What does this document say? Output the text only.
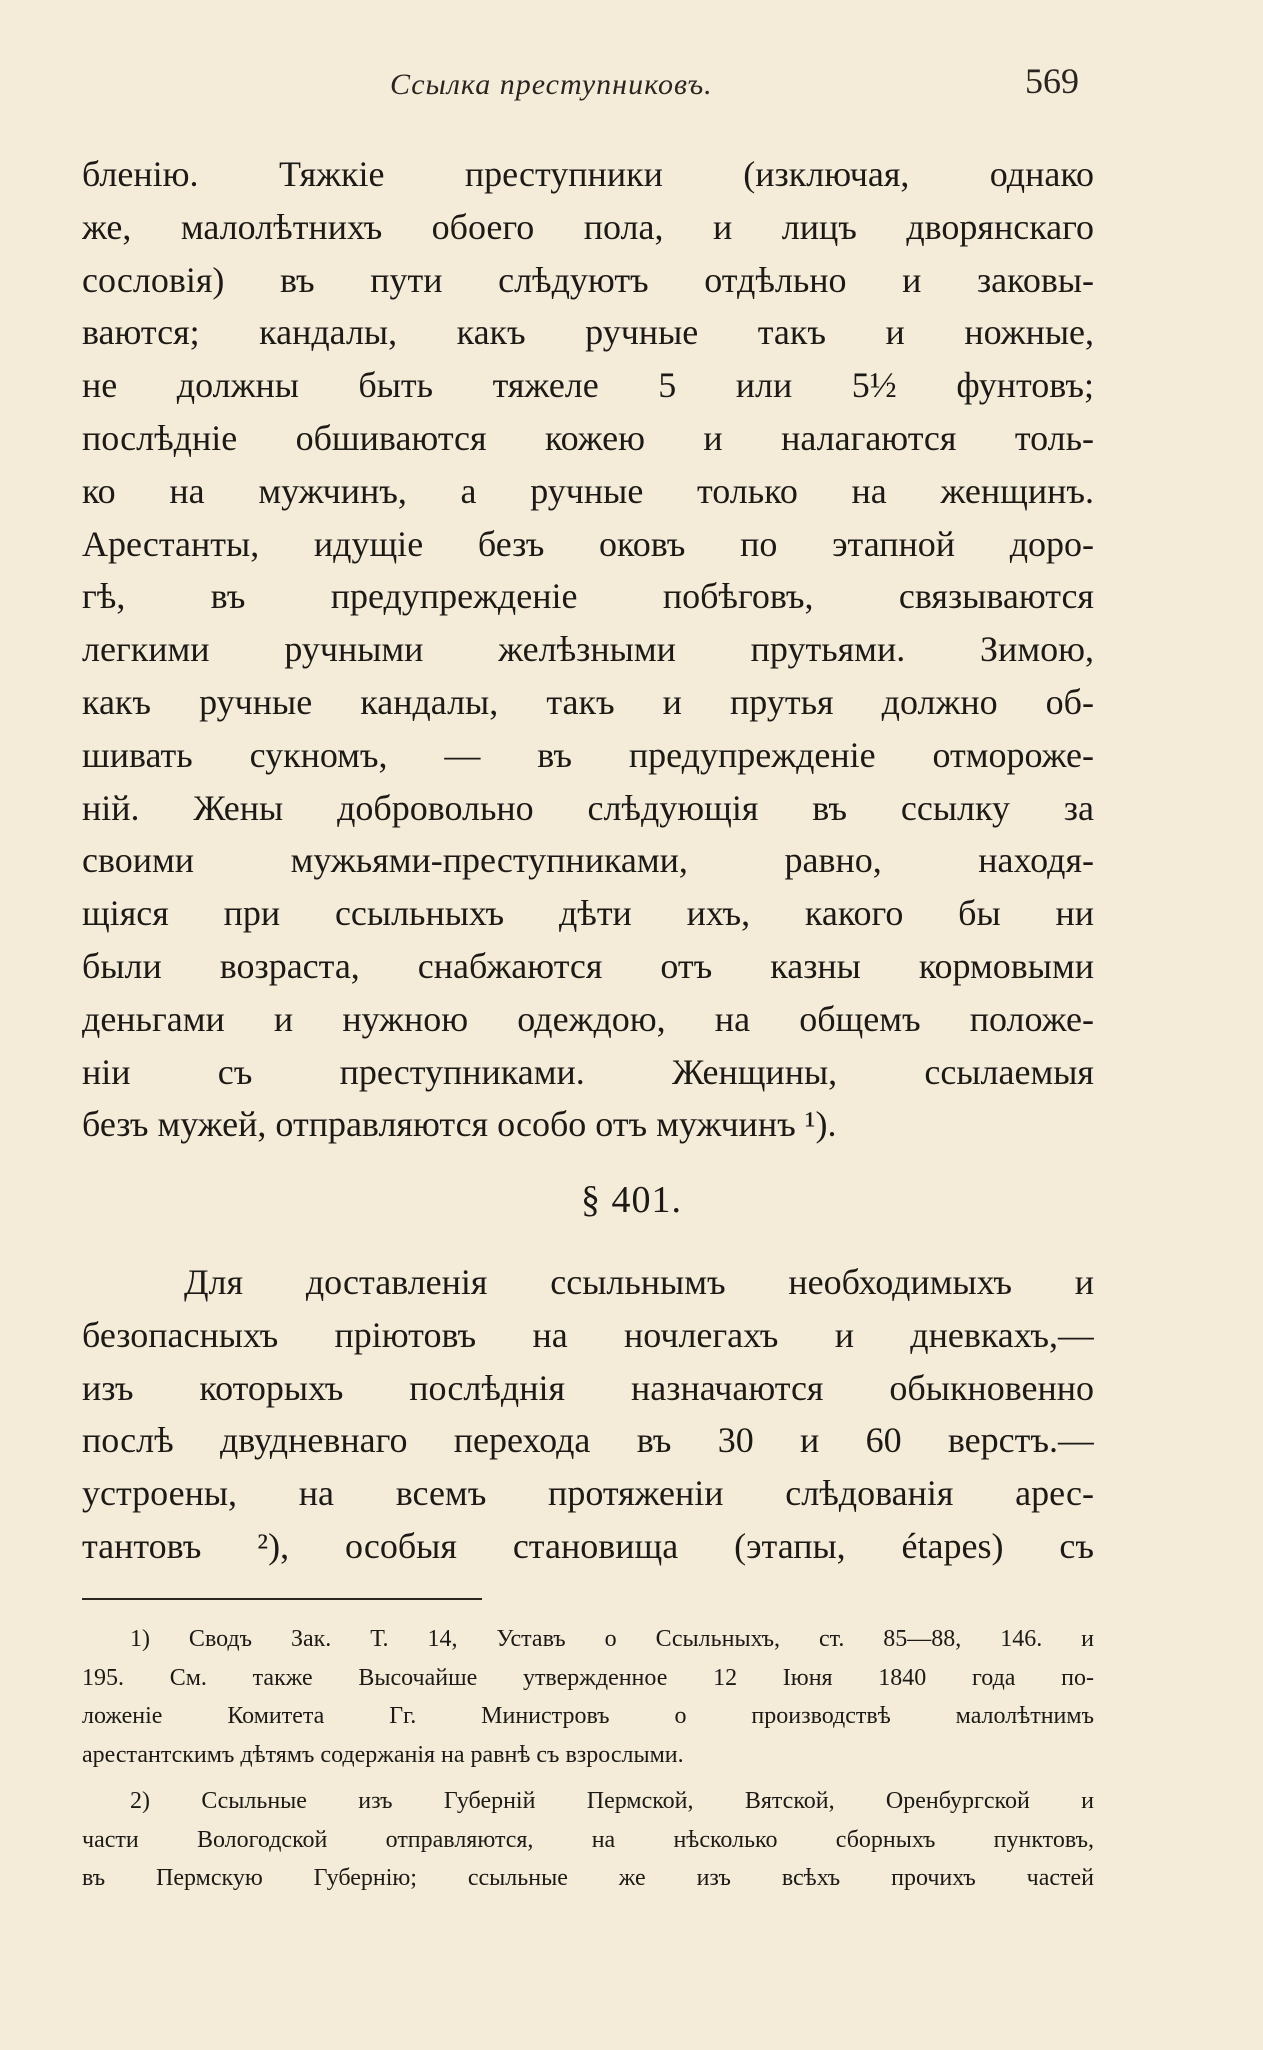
Ссылка преступниковъ.	569
бленію. Тяжкіе преступники (изключая, однако
же, малолѣтнихъ обоего пола, и лицъ дворянскаго
сословія) въ пути слѣдуютъ отдѣльно и заковы-
ваются; кандалы, какъ ручные такъ и ножные,
не должны быть тяжеле 5 или 5½ фунтовъ;
послѣдніе обшиваются кожею и налагаются толь-
ко на мужчинъ, а ручные только на женщинъ.
Арестанты, идущіе безъ оковъ по этапной доро-
гѣ, въ предупрежденіе побѣговъ, связываются
легкими ручными желѣзными прутьями. Зимою,
какъ ручные кандалы, такъ и прутья должно об-
шивать сукномъ, — въ предупрежденіе отмороже-
ній. Жены добровольно слѣдующія въ ссылку за
своими мужьями-преступниками, равно, находя-
щіяся при ссыльныхъ дѣти ихъ, какого бы ни
были возраста, снабжаются отъ казны кормовыми
деньгами и нужною одеждою, на общемъ положе-
ніи съ преступниками. Женщины, ссылаемыя
безъ мужей, отправляются особо отъ мужчинъ ¹).
§ 401.
Для доставленія ссыльнымъ необходимыхъ и
безопасныхъ пріютовъ на ночлегахъ и дневкахъ,—
изъ которыхъ послѣднія назначаются обыкновенно
послѣ двудневнаго перехода въ 30 и 60 верстъ.—
устроены, на всемъ протяженіи слѣдованія арес-
тантовъ ²), особыя становища (этапы, étapes) съ
1) Сводъ Зак. Т. 14, Уставъ о Ссыльныхъ, ст. 85—88, 146. и
195. См. также Высочайше утвержденное 12 Іюня 1840 года по-
ложеніе Комитета Гг. Министровъ о производствѣ малолѣтнимъ
арестантскимъ дѣтямъ содержанія на равнѣ съ взрослыми.
2) Ссыльные изъ Губерній Пермской, Вятской, Оренбургской и
части Вологодской отправляются, на нѣсколько сборныхъ пунктовъ,
въ Пермскую Губернію; ссыльные же изъ всѣхъ прочихъ частей
